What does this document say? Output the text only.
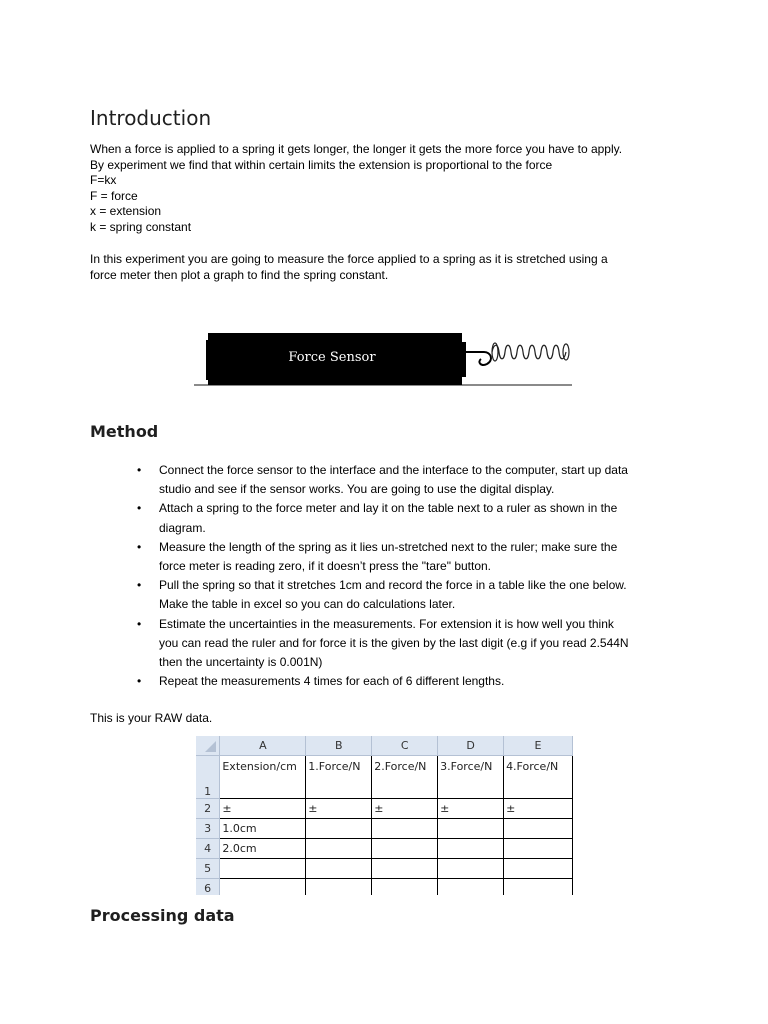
Introduction
When a force is applied to a spring it gets longer, the longer it gets the more force you have to apply.
By experiment we find that within certain limits the extension is proportional to the force
F=kx
F = force
x = extension
k = spring constant
In this experiment you are going to measure the force applied to a spring as it is stretched using a
force meter then plot a graph to find the spring constant.
Force Sensor
Method
• Connect the force sensor to the interface and the interface to the computer, start up data
studio and see if the sensor works. You are going to use the digital display.
• Attach a spring to the force meter and lay it on the table next to a ruler as shown in the
diagram.
• Measure the length of the spring as it lies un-stretched next to the ruler; make sure the
force meter is reading zero, if it doesn’t press the "tare" button.
• Pull the spring so that it stretches 1cm and record the force in a table like the one below.
Make the table in excel so you can do calculations later.
• Estimate the uncertainties in the measurements. For extension it is how well you think
you can read the ruler and for force it is the given by the last digit (e.g if you read 2.544N
then the uncertainty is 0.001N)
• Repeat the measurements 4 times for each of 6 different lengths.
This is your RAW data.
	A	B	C	D	E
1	Extension/cm	1.Force/N	2.Force/N	3.Force/N	4.Force/N
2	±	±	±	±	±
3	1.0cm				
4	2.0cm				
5					
6					
Processing data
